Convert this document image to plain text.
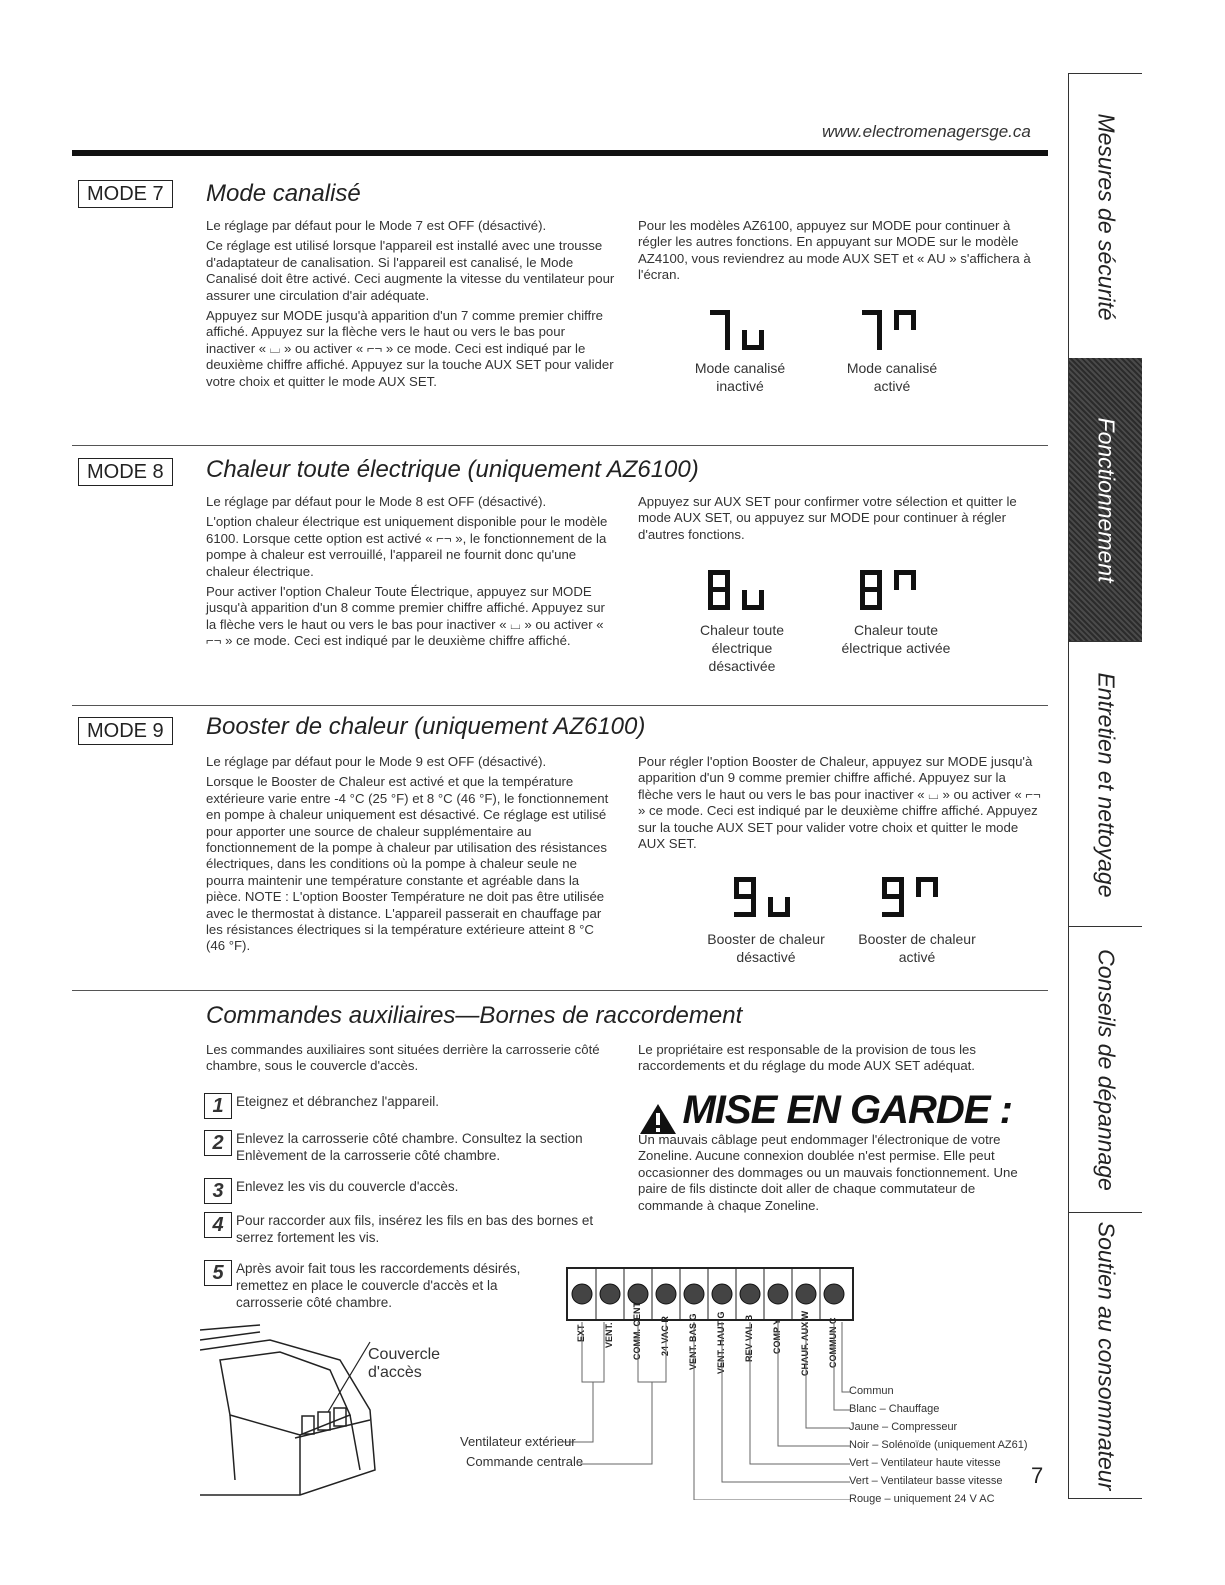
www.electromenagersge.ca	Mesures de sécurité
Fonctionnement
Entretien et nettoyage
Conseils de dépannage
Soutien au consommateur
MODE 7	Mode canalisé

Le réglage par défaut pour le Mode 7 est OFF (désactivé).

Ce réglage est utilisé lorsque l'appareil est installé avec une trousse d'adaptateur de canalisation. Si l'appareil est canalisé, le Mode Canalisé doit être activé. Ceci augmente la vitesse du ventilateur pour assurer une circulation d'air adéquate.

Appuyez sur MODE jusqu'à apparition d'un 7 comme premier chiffre affiché. Appuyez sur la flèche vers le haut ou vers le bas pour inactiver « ⌴ » ou activer « ⌐¬ » ce mode. Ceci est indiqué par le deuxième chiffre affiché. Appuyez sur la touche AUX SET pour valider votre choix et quitter le mode AUX SET.

Pour les modèles AZ6100, appuyez sur MODE pour continuer à régler les autres fonctions. En appuyant sur MODE sur le modèle AZ4100, vous reviendrez au mode AUX SET et « AU » s'affichera à l'écran.

Mode canalisé inactivé
Mode canalisé activé
MODE 8	Chaleur toute électrique (uniquement AZ6100)

Le réglage par défaut pour le Mode 8 est OFF (désactivé).

L'option chaleur électrique est uniquement disponible pour le modèle 6100. Lorsque cette option est activé « ⌐¬ », le fonctionnement de la pompe à chaleur est verrouillé, l'appareil ne fournit donc qu'une chaleur électrique.

Pour activer l'option Chaleur Toute Électrique, appuyez sur MODE jusqu'à apparition d'un 8 comme premier chiffre affiché. Appuyez sur la flèche vers le haut ou vers le bas pour inactiver « ⌴ » ou activer « ⌐¬ » ce mode. Ceci est indiqué par le deuxième chiffre affiché.

Appuyez sur AUX SET pour confirmer votre sélection et quitter le mode AUX SET, ou appuyez sur MODE pour continuer à régler d'autres fonctions.

Chaleur toute électrique désactivée
Chaleur toute électrique activée
MODE 9	Booster de chaleur (uniquement AZ6100)

Le réglage par défaut pour le Mode 9 est OFF (désactivé).

Lorsque le Booster de Chaleur est activé et que la température extérieure varie entre -4 °C (25 °F) et 8 °C (46 °F), le fonctionnement en pompe à chaleur uniquement est désactivé. Ce réglage est utilisé pour apporter une source de chaleur supplémentaire au fonctionnement de la pompe à chaleur par utilisation des résistances électriques, dans les conditions où la pompe à chaleur seule ne pourra maintenir une température constante et agréable dans la pièce. NOTE : L'option Booster Température ne doit pas être utilisée avec le thermostat à distance. L'appareil passerait en chauffage par les résistances électriques si la température extérieure atteint 8 °C (46 °F).

Pour régler l'option Booster de Chaleur, appuyez sur MODE jusqu'à apparition d'un 9 comme premier chiffre affiché. Appuyez sur la flèche vers le haut ou vers le bas pour inactiver « ⌴ » ou activer « ⌐¬ » ce mode. Ceci est indiqué par le deuxième chiffre affiché. Appuyez sur la touche AUX SET pour valider votre choix et quitter le mode AUX SET.

Booster de chaleur désactivé
Booster de chaleur activé
Commandes auxiliaires—Bornes de raccordement

Les commandes auxiliaires sont situées derrière la carrosserie côté chambre, sous le couvercle d'accès.

1 Eteignez et débranchez l'appareil.
2 Enlevez la carrosserie côté chambre. Consultez la section Enlèvement de la carrosserie côté chambre.
3 Enlevez les vis du couvercle d'accès.
4 Pour raccorder aux fils, insérez les fils en bas des bornes et serrez fortement les vis.
5 Après avoir fait tous les raccordements désirés, remettez en place le couvercle d'accès et la carrosserie côté chambre.

Le propriétaire est responsable de la provision de tous les raccordements et du réglage du mode AUX SET adéquat.

MISE EN GARDE :

Un mauvais câblage peut endommager l'électronique de votre Zoneline. Aucune connexion doublée n'est permise. Elle peut occasionner des dommages ou un mauvais fonctionnement. Une paire de fils distincte doit aller de chaque commutateur de commande à chaque Zoneline.

Couvercle d'accès
EXT VENT. COMM. CENT 24 VAC R VENT. BAS G VENT. HAUT G REV VAL B COMP Y CHAUF. AUX W COMMUN C
Ventilateur extérieur
Commande centrale
Commun
Blanc – Chauffage
Jaune – Compresseur
Noir – Solénoïde (uniquement AZ61)
Vert – Ventilateur haute vitesse
Vert – Ventilateur basse vitesse
Rouge – uniquement 24 V AC
7
